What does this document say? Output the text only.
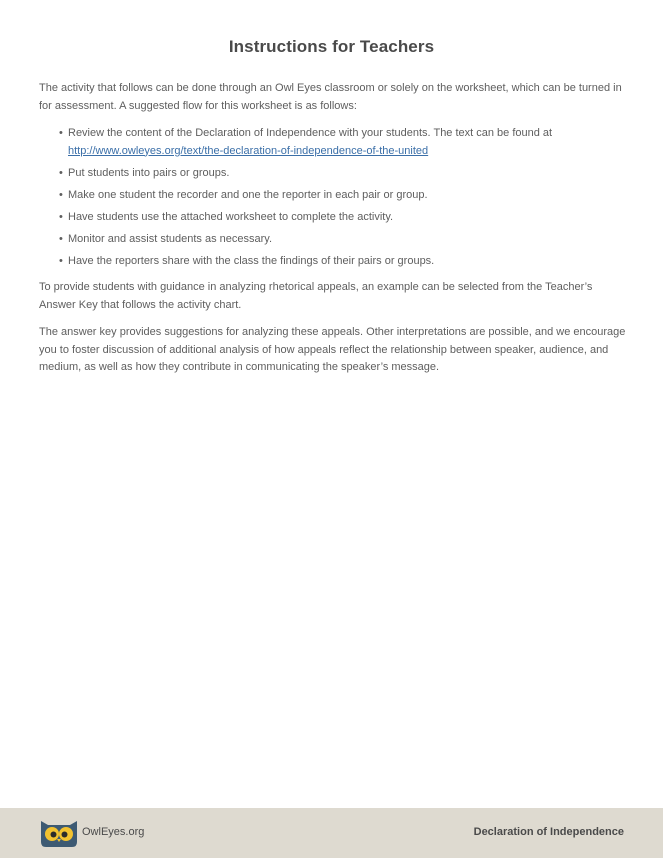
Instructions for Teachers

The activity that follows can be done through an Owl Eyes classroom or solely on the worksheet, which can be turned in for assessment. A suggested flow for this worksheet is as follows:

• Review the content of the Declaration of Independence with your students. The text can be found at http://www.owleyes.org/text/the-declaration-of-independence-of-the-united
• Put students into pairs or groups.
• Make one student the recorder and one the reporter in each pair or group.
• Have students use the attached worksheet to complete the activity.
• Monitor and assist students as necessary.
• Have the reporters share with the class the findings of their pairs or groups.

To provide students with guidance in analyzing rhetorical appeals, an example can be selected from the Teacher’s Answer Key that follows the activity chart.

The answer key provides suggestions for analyzing these appeals. Other interpretations are possible, and we encourage you to foster discussion of additional analysis of how appeals reflect the relationship between speaker, audience, and medium, as well as how they contribute in communicating the speaker’s message.

OwlEyes.org	Declaration of Independence
